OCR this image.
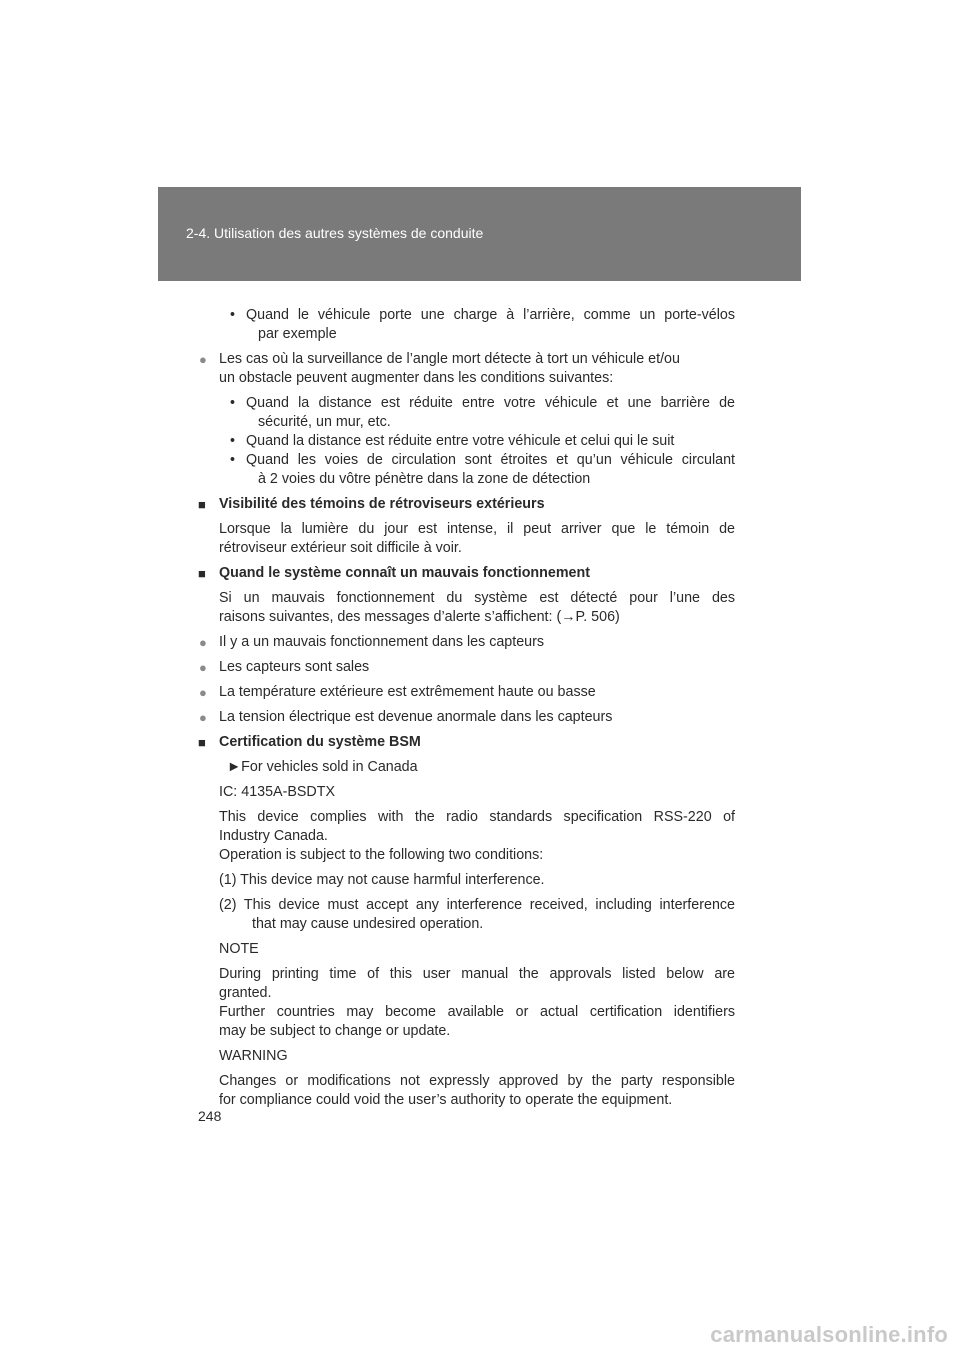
2-4. Utilisation des autres systèmes de conduite
• Quand le véhicule porte une charge à l’arrière, comme un porte-vélos
par exemple
● Les cas où la surveillance de l’angle mort détecte à tort un véhicule et/ou
un obstacle peuvent augmenter dans les conditions suivantes:
• Quand la distance est réduite entre votre véhicule et une barrière de
sécurité, un mur, etc.
• Quand la distance est réduite entre votre véhicule et celui qui le suit
• Quand les voies de circulation sont étroites et qu’un véhicule circulant
à 2 voies du vôtre pénètre dans la zone de détection
■ Visibilité des témoins de rétroviseurs extérieurs
Lorsque la lumière du jour est intense, il peut arriver que le témoin de
rétroviseur extérieur soit difficile à voir.
■ Quand le système connaît un mauvais fonctionnement
Si un mauvais fonctionnement du système est détecté pour l’une des
raisons suivantes, des messages d’alerte s’affichent: (→P. 506)
● Il y a un mauvais fonctionnement dans les capteurs
● Les capteurs sont sales
● La température extérieure est extrêmement haute ou basse
● La tension électrique est devenue anormale dans les capteurs
■ Certification du système BSM
►For vehicles sold in Canada
IC: 4135A-BSDTX
This device complies with the radio standards specification RSS-220 of
Industry Canada.
Operation is subject to the following two conditions:
(1) This device may not cause harmful interference.
(2) This device must accept any interference received, including interference
that may cause undesired operation.
NOTE
During printing time of this user manual the approvals listed below are
granted.
Further countries may become available or actual certification identifiers
may be subject to change or update.
WARNING
Changes or modifications not expressly approved by the party responsible
for compliance could void the user’s authority to operate the equipment.
248
carmanualsonline.info
